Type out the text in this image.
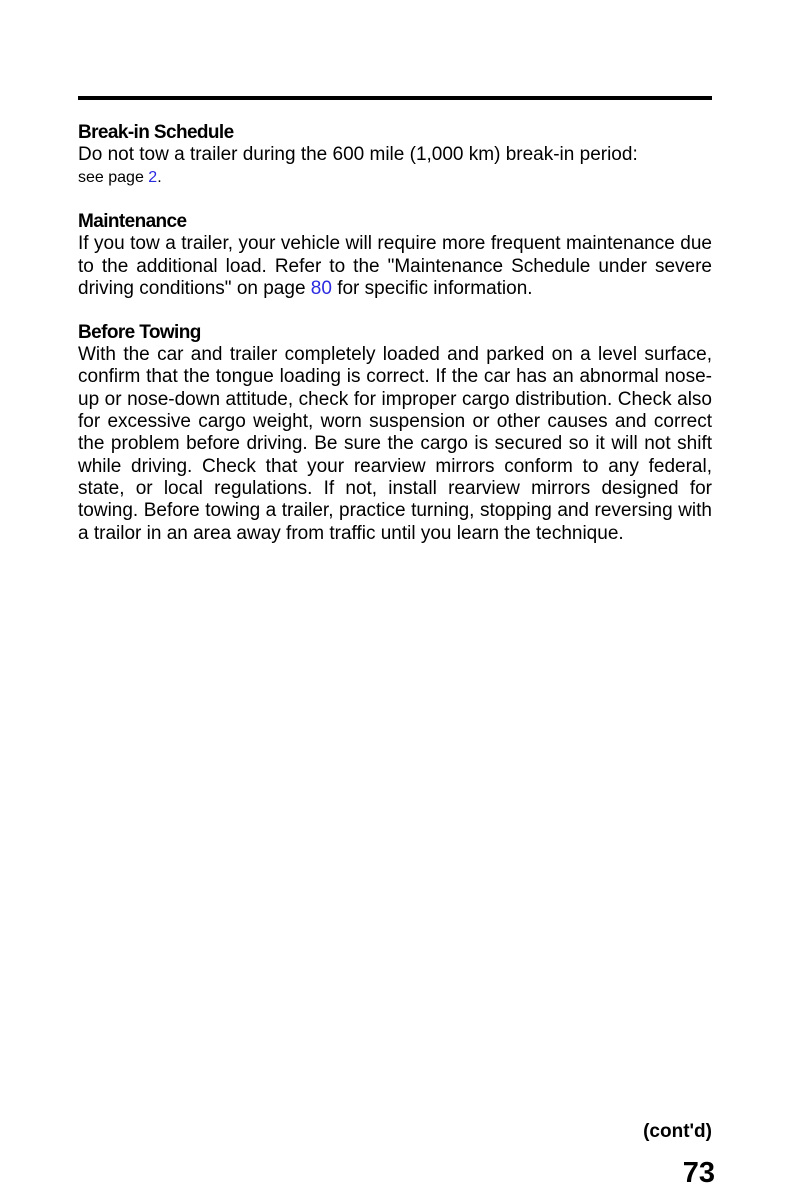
Break-in Schedule

Do not tow a trailer during the 600 mile (1,000 km) break-in period:
see page 2.

Maintenance

If you tow a trailer, your vehicle will require more frequent maintenance due to the additional load. Refer to the "Maintenance Schedule under severe driving conditions" on page 80 for specific information.

Before Towing

With the car and trailer completely loaded and parked on a level surface, confirm that the tongue loading is correct. If the car has an abnormal nose-up or nose-down attitude, check for improper cargo distribution. Check also for excessive cargo weight, worn suspension or other causes and correct the problem before driving. Be sure the cargo is secured so it will not shift while driving. Check that your rearview mirrors conform to any federal, state, or local regulations. If not, install rearview mirrors designed for towing. Before towing a trailer, practice turning, stopping and reversing with a trailor in an area away from traffic until you learn the technique.

(cont'd)
73
